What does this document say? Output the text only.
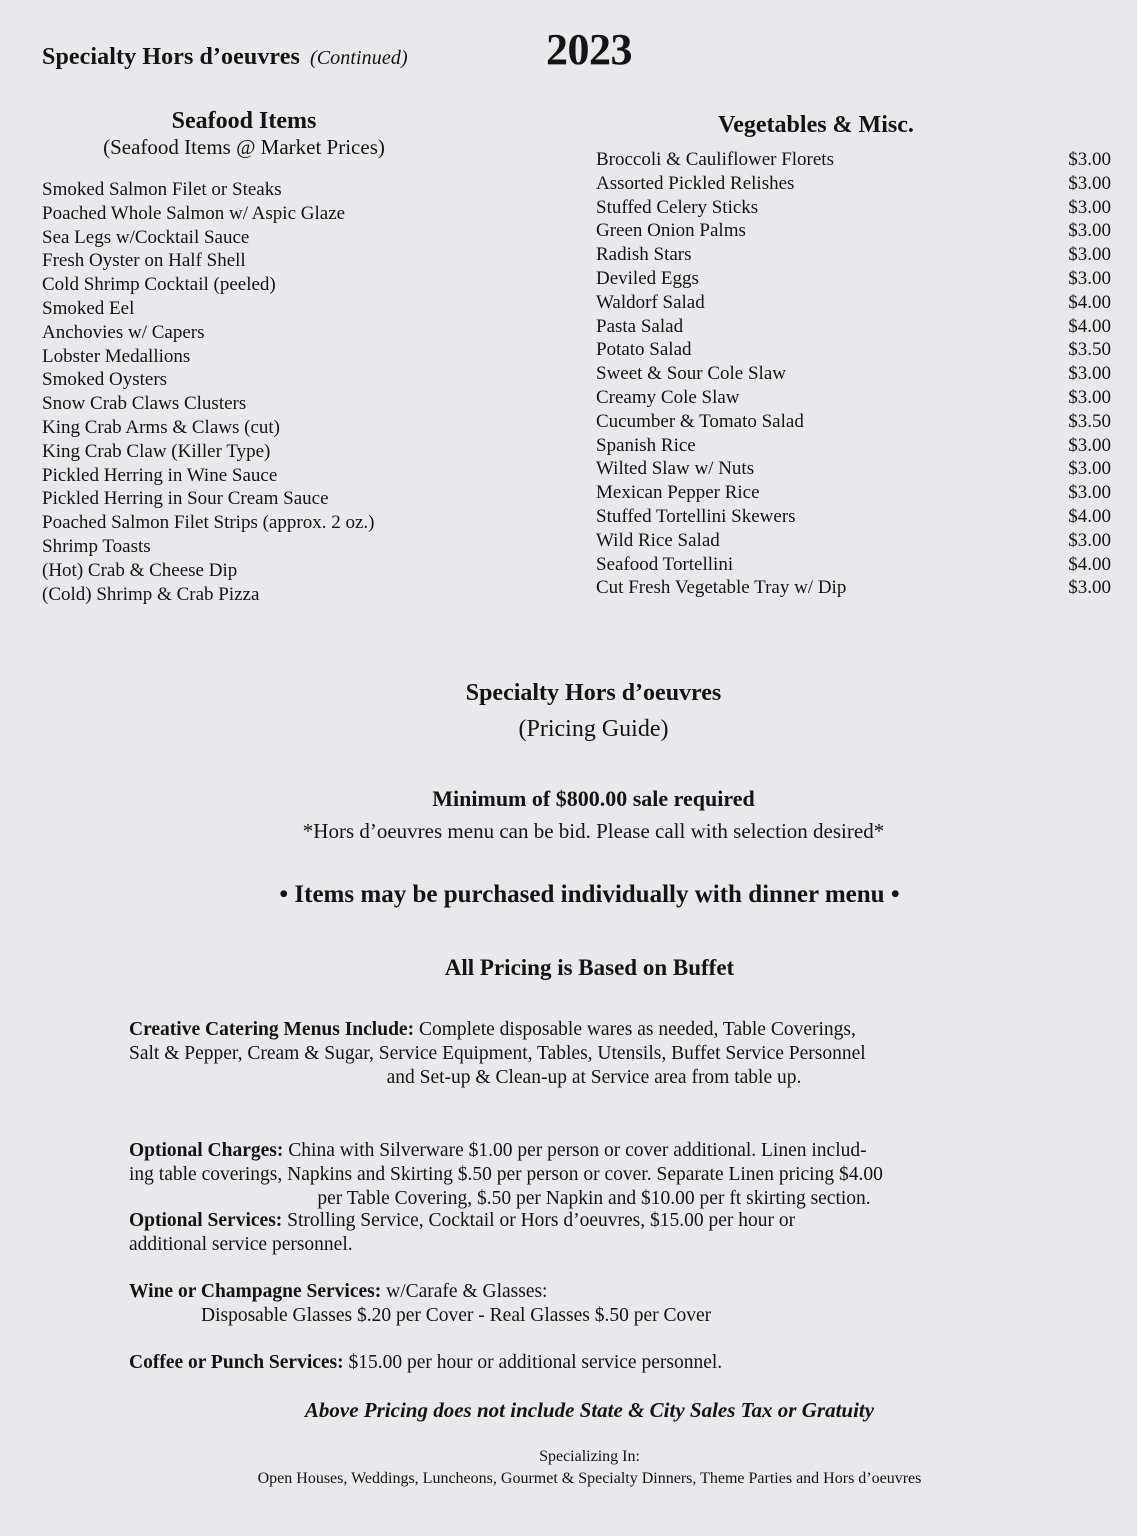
Specialty Hors d’oeuvres (Continued)	2023
Seafood Items
(Seafood Items @ Market Prices)
Smoked Salmon Filet or Steaks
Poached Whole Salmon w/ Aspic Glaze
Sea Legs w/Cocktail Sauce
Fresh Oyster on Half Shell
Cold Shrimp Cocktail (peeled)
Smoked Eel
Anchovies w/ Capers
Lobster Medallions
Smoked Oysters
Snow Crab Claws Clusters
King Crab Arms & Claws (cut)
King Crab Claw (Killer Type)
Pickled Herring in Wine Sauce
Pickled Herring in Sour Cream Sauce
Poached Salmon Filet Strips (approx. 2 oz.)
Shrimp Toasts
(Hot) Crab & Cheese Dip
(Cold) Shrimp & Crab Pizza
Vegetables & Misc.
Broccoli & Cauliflower Florets	$3.00
Assorted Pickled Relishes	$3.00
Stuffed Celery Sticks	$3.00
Green Onion Palms	$3.00
Radish Stars	$3.00
Deviled Eggs	$3.00
Waldorf Salad	$4.00
Pasta Salad	$4.00
Potato Salad	$3.50
Sweet & Sour Cole Slaw	$3.00
Creamy Cole Slaw	$3.00
Cucumber & Tomato Salad	$3.50
Spanish Rice	$3.00
Wilted Slaw w/ Nuts	$3.00
Mexican Pepper Rice	$3.00
Stuffed Tortellini Skewers	$4.00
Wild Rice Salad	$3.00
Seafood Tortellini	$4.00
Cut Fresh Vegetable Tray w/ Dip	$3.00
Specialty Hors d’oeuvres
(Pricing Guide)
Minimum of $800.00 sale required
*Hors d’oeuvres menu can be bid. Please call with selection desired*
• Items may be purchased individually with dinner menu •
All Pricing is Based on Buffet
Creative Catering Menus Include: Complete disposable wares as needed, Table Coverings,
Salt & Pepper, Cream & Sugar, Service Equipment, Tables, Utensils, Buffet Service Personnel
and Set-up & Clean-up at Service area from table up.
Optional Charges: China with Silverware $1.00 per person or cover additional. Linen includ-
ing table coverings, Napkins and Skirting $.50 per person or cover. Separate Linen pricing $4.00
per Table Covering, $.50 per Napkin and $10.00 per ft skirting section.
Optional Services: Strolling Service, Cocktail or Hors d’oeuvres, $15.00 per hour or
additional service personnel.
Wine or Champagne Services: w/Carafe & Glasses:
Disposable Glasses $.20 per Cover - Real Glasses $.50 per Cover
Coffee or Punch Services: $15.00 per hour or additional service personnel.
Above Pricing does not include State & City Sales Tax or Gratuity
Specializing In:
Open Houses, Weddings, Luncheons, Gourmet & Specialty Dinners, Theme Parties and Hors d’oeuvres
